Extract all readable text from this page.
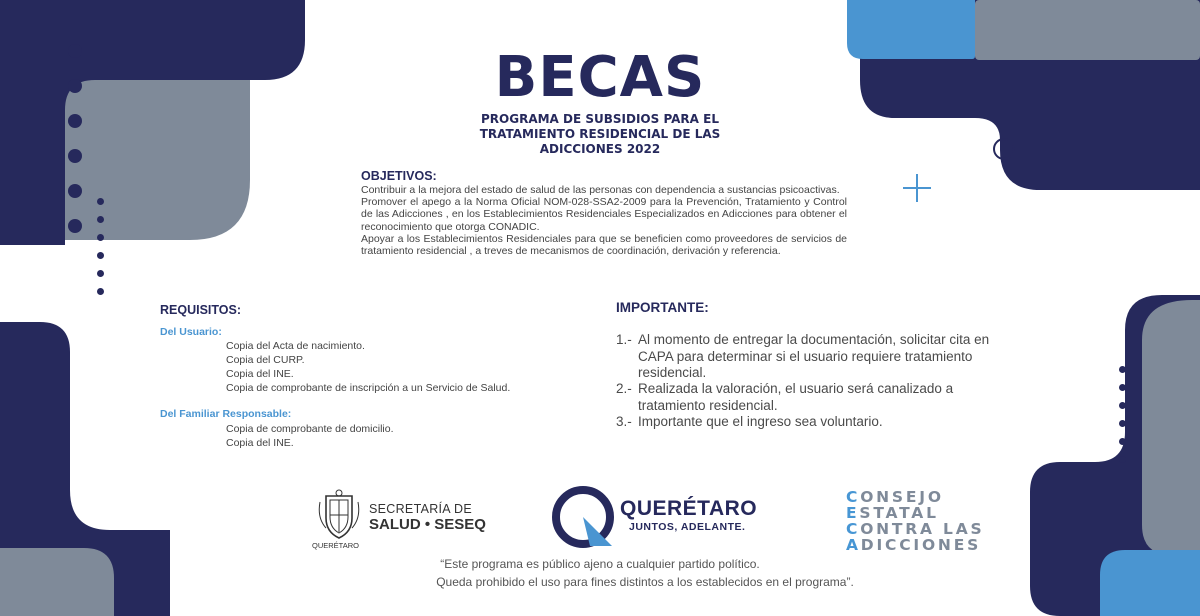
BECAS
PROGRAMA DE SUBSIDIOS PARA EL
TRATAMIENTO RESIDENCIAL DE LAS
ADICCIONES 2022
OBJETIVOS:

Contribuir a la mejora del estado de salud de las personas con dependencia a sustancias psicoactivas.

Promover el apego a la Norma Oficial NOM-028-SSA2-2009 para la Prevención, Tratamiento y Control de las Adicciones , en los Establecimientos Residenciales Especializados en Adicciones para obtener el reconocimiento que otorga CONADIC.

Apoyar a los Establecimientos Residenciales para que se beneficien como proveedores de servicios de tratamiento residencial , a treves de mecanismos de coordinación, derivación y referencia.

REQUISITOS:
Del Usuario:
Copia del Acta de nacimiento.
Copia del CURP.
Copia del INE.
Copia de comprobante de inscripción a un Servicio de Salud.
Del Familiar Responsable:
Copia de comprobante de domicilio.
Copia del INE.
IMPORTANTE:
1.- Al momento de entregar la documentación, solicitar cita en CAPA para determinar si el usuario requiere tratamiento residencial.
2.- Realizada la valoración, el usuario será canalizado a tratamiento residencial.
3.- Importante que el ingreso sea voluntario.
QUERÉTARO
SECRETARÍA DE
SALUD • SESEQ
QUERÉTARO
JUNTOS, ADELANTE.
CONSEJO
ESTATAL
CONTRA LAS
ADICCIONES
“Este programa es público ajeno a cualquier partido político.
Queda prohibido el uso para fines distintos a los establecidos en el programa”.
